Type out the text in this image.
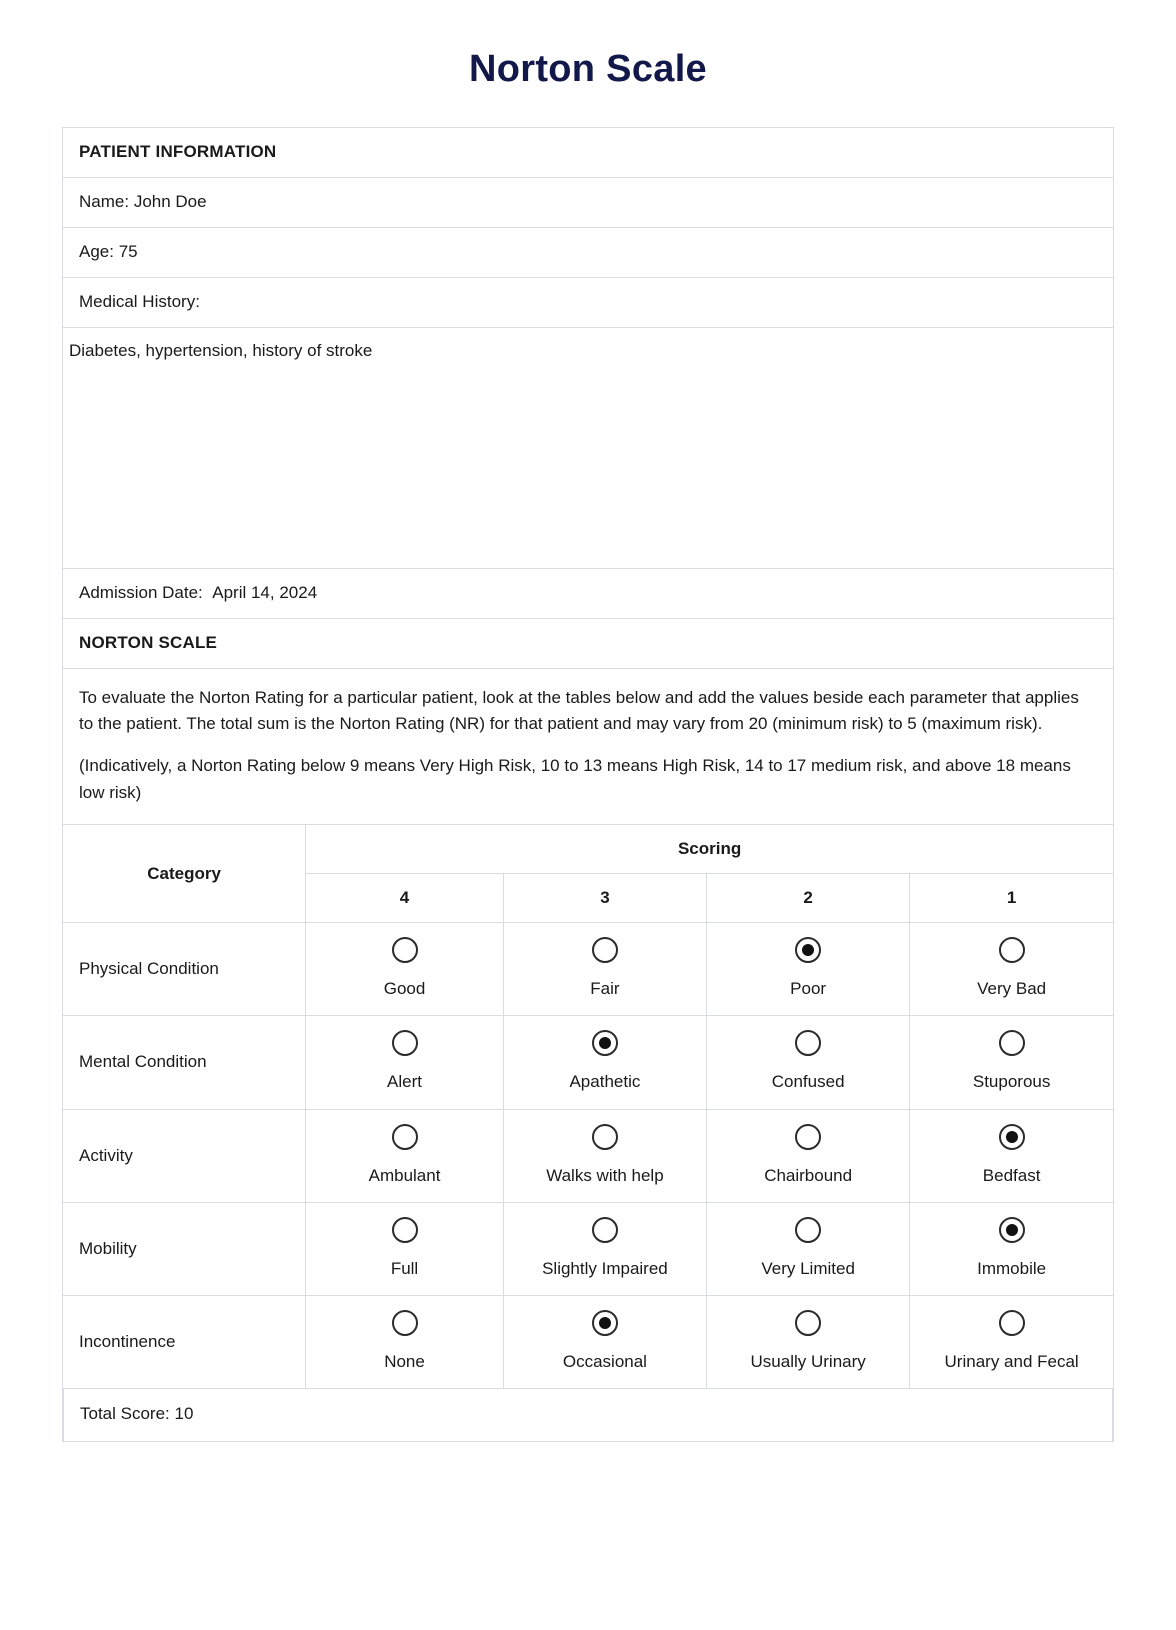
Norton Scale
PATIENT INFORMATION
Name: John Doe
Age: 75
Medical History:
Diabetes, hypertension, history of stroke
Admission Date: April 14, 2024
NORTON SCALE

To evaluate the Norton Rating for a particular patient, look at the tables below and add the values beside each parameter that applies to the patient. The total sum is the Norton Rating (NR) for that patient and may vary from 20 (minimum risk) to 5 (maximum risk).

(Indicatively, a Norton Rating below 9 means Very High Risk, 10 to 13 means High Risk, 14 to 17 medium risk, and above 18 means low risk)

Category	Scoring			
	4	3	2	1
Physical Condition	Good	Fair	Poor	Very Bad

Mental Condition	Alert	Apathetic	Confused	Stuporous

Activity	Ambulant	Walks with help	Chairbound	Bedfast

Mobility	Full	Slightly Impaired	Very Limited	Immobile

Incontinence	None	Occasional	Usually Urinary	Urinary and Fecal
Total Score: 10
